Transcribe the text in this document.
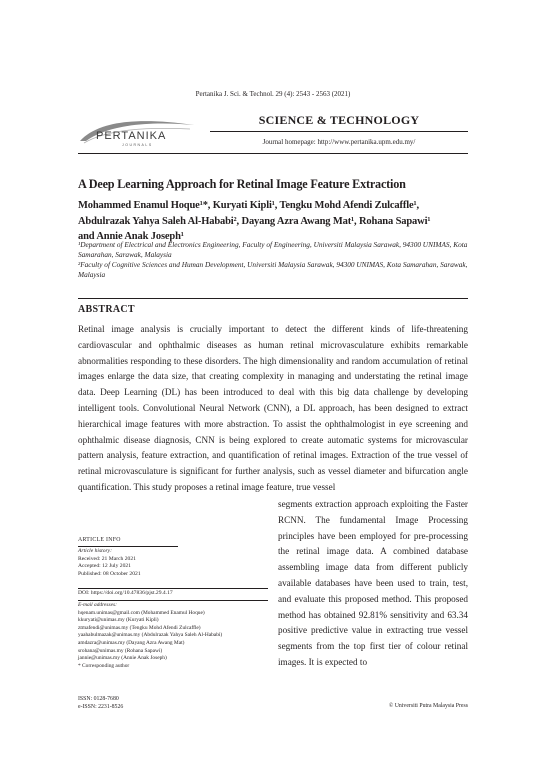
Pertanika J. Sci. & Technol. 29 (4): 2543 - 2563 (2021)
PERTANIKA
JOURNALS
SCIENCE & TECHNOLOGY
Journal homepage: http://www.pertanika.upm.edu.my/
A Deep Learning Approach for Retinal Image Feature Extraction
Mohammed Enamul Hoque¹*, Kuryati Kipli¹, Tengku Mohd Afendi Zulcaffle¹,
Abdulrazak Yahya Saleh Al-Hababi², Dayang Azra Awang Mat¹, Rohana Sapawi¹
and Annie Anak Joseph¹
¹Department of Electrical and Electronics Engineering, Faculty of Engineering, Universiti Malaysia Sarawak, 94300 UNIMAS, Kota Samarahan, Sarawak, Malaysia
²Faculty of Cognitive Sciences and Human Development, Universiti Malaysia Sarawak, 94300 UNIMAS, Kota Samarahan, Sarawak, Malaysia
ABSTRACT
Retinal image analysis is crucially important to detect the different kinds of life-threatening cardiovascular and ophthalmic diseases as human retinal microvasculature exhibits remarkable abnormalities responding to these disorders. The high dimensionality and random accumulation of retinal images enlarge the data size, that creating complexity in managing and understating the retinal image data. Deep Learning (DL) has been introduced to deal with this big data challenge by developing intelligent tools. Convolutional Neural Network (CNN), a DL approach, has been designed to extract hierarchical image features with more abstraction. To assist the ophthalmologist in eye screening and ophthalmic disease diagnosis, CNN is being explored to create automatic systems for microvascular pattern analysis, feature extraction, and quantification of retinal images. Extraction of the true vessel of retinal microvasculature is significant for further analysis, such as vessel diameter and bifurcation angle quantification. This study proposes a retinal image feature, true vessel
segments extraction approach exploiting the Faster RCNN. The fundamental Image Processing principles have been employed for pre-processing the retinal image data. A combined database assembling image data from different publicly available databases have been used to train, test, and evaluate this proposed method. This proposed method has obtained 92.81% sensitivity and 63.34 positive predictive value in extracting true vessel segments from the top first tier of colour retinal images. It is expected to
ARTICLE INFO
Article history:
Received: 21 March 2021
Accepted: 12 July 2021
Published: 08 October 2021
DOI: https://doi.org/10.47836/pjst.29.4.17
E-mail addresses:
hqenam.unimas@gmail.com (Mohammed Enamul Hoque)
kkuryati@unimas.my (Kuryati Kipli)
ztmafendi@unimas.my (Tengku Mohd Afendi Zulcaffle)
yaahabulmazak@unimas.my (Abdulrazak Yahya Saleh Al-Hababi)
amdazra@unimas.my (Dayang Azra Awang Mat)
srohana@unimas.my (Rohana Sapawi)
jannie@unimas.my (Annie Anak Joseph)
* Corresponding author
ISSN: 0128-7680
e-ISSN: 2231-8526	© Universiti Putra Malaysia Press
